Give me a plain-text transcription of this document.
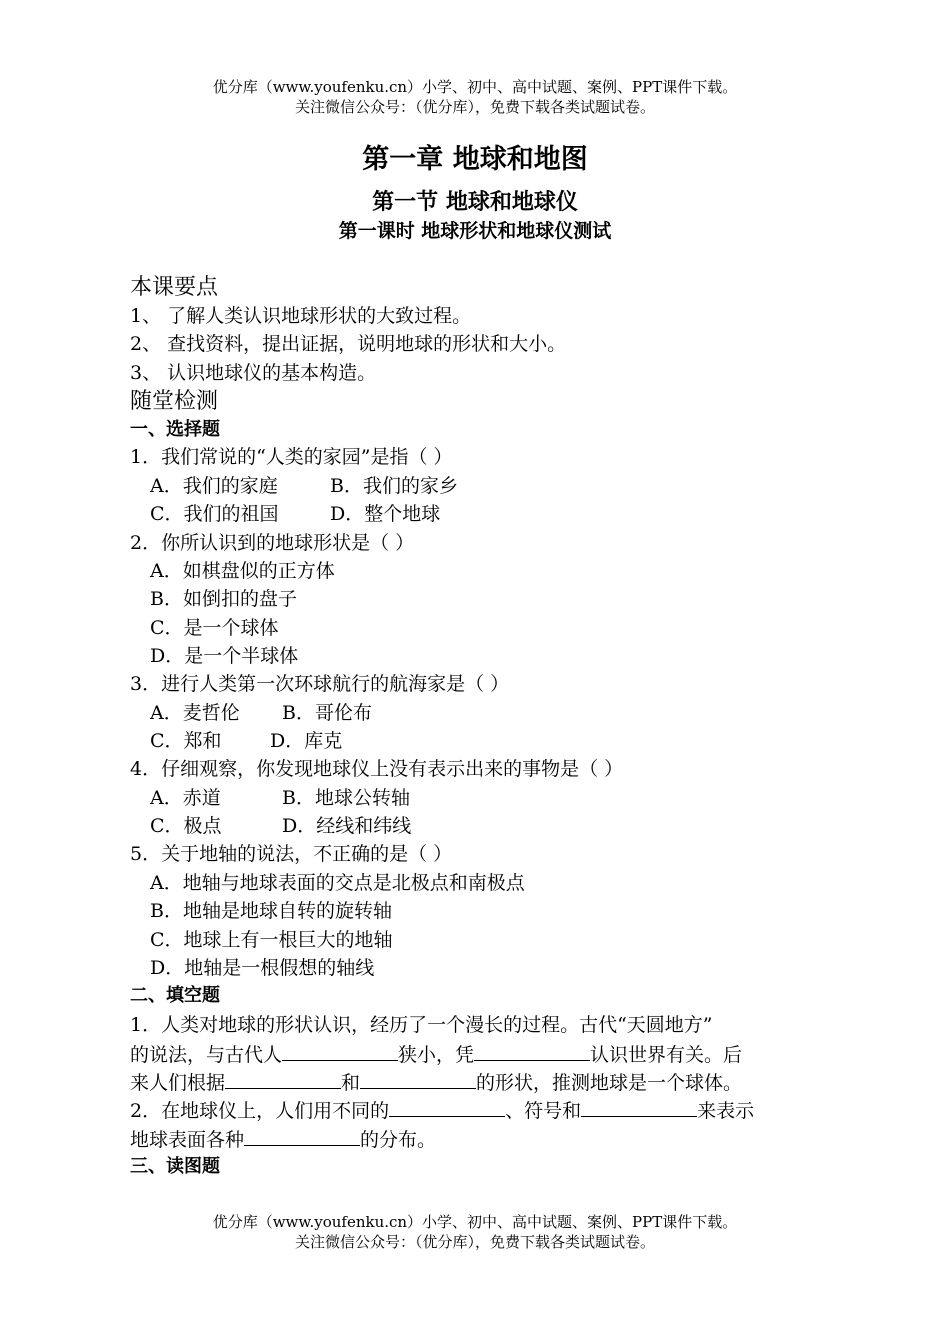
优分库（www.youfenku.cn）小学、初中、高中试题、案例、PPT课件下载。
关注微信公众号：（优分库），免费下载各类试题试卷。
第一章 地球和地图
第一节 地球和地球仪
第一课时 地球形状和地球仪测试
本课要点
1、 了解人类认识地球形状的大致过程。
2、 查找资料，提出证据，说明地球的形状和大小。
3、 认识地球仪的基本构造。
随堂检测
一、选择题
1．我们常说的“人类的家园”是指（ ）
A．我们的家庭	B．我们的家乡
C．我们的祖国	D．整个地球
2．你所认识到的地球形状是（ ）
A．如棋盘似的正方体
B．如倒扣的盘子
C．是一个球体
D．是一个半球体
3．进行人类第一次环球航行的航海家是（ ）
A．麦哲伦 B．哥伦布
C．郑和	D．库克
4．仔细观察，你发现地球仪上没有表示出来的事物是（ ）
A．赤道	B．地球公转轴
C．极点	D．经线和纬线
5．关于地轴的说法，不正确的是（ ）
A．地轴与地球表面的交点是北极点和南极点
B．地轴是地球自转的旋转轴
C．地球上有一根巨大的地轴
D．地轴是一根假想的轴线
二、填空题
1．人类对地球的形状认识，经历了一个漫长的过程。古代“天圆地方”
的说法，与古代人	狭小，凭	认识世界有关。后
来人们根据	和	的形状，推测地球是一个球体。
2．在地球仪上，人们用不同的	、符号和	来表示
地球表面各种	的分布。
三、读图题
优分库（www.youfenku.cn）小学、初中、高中试题、案例、PPT课件下载。
关注微信公众号：（优分库），免费下载各类试题试卷。
